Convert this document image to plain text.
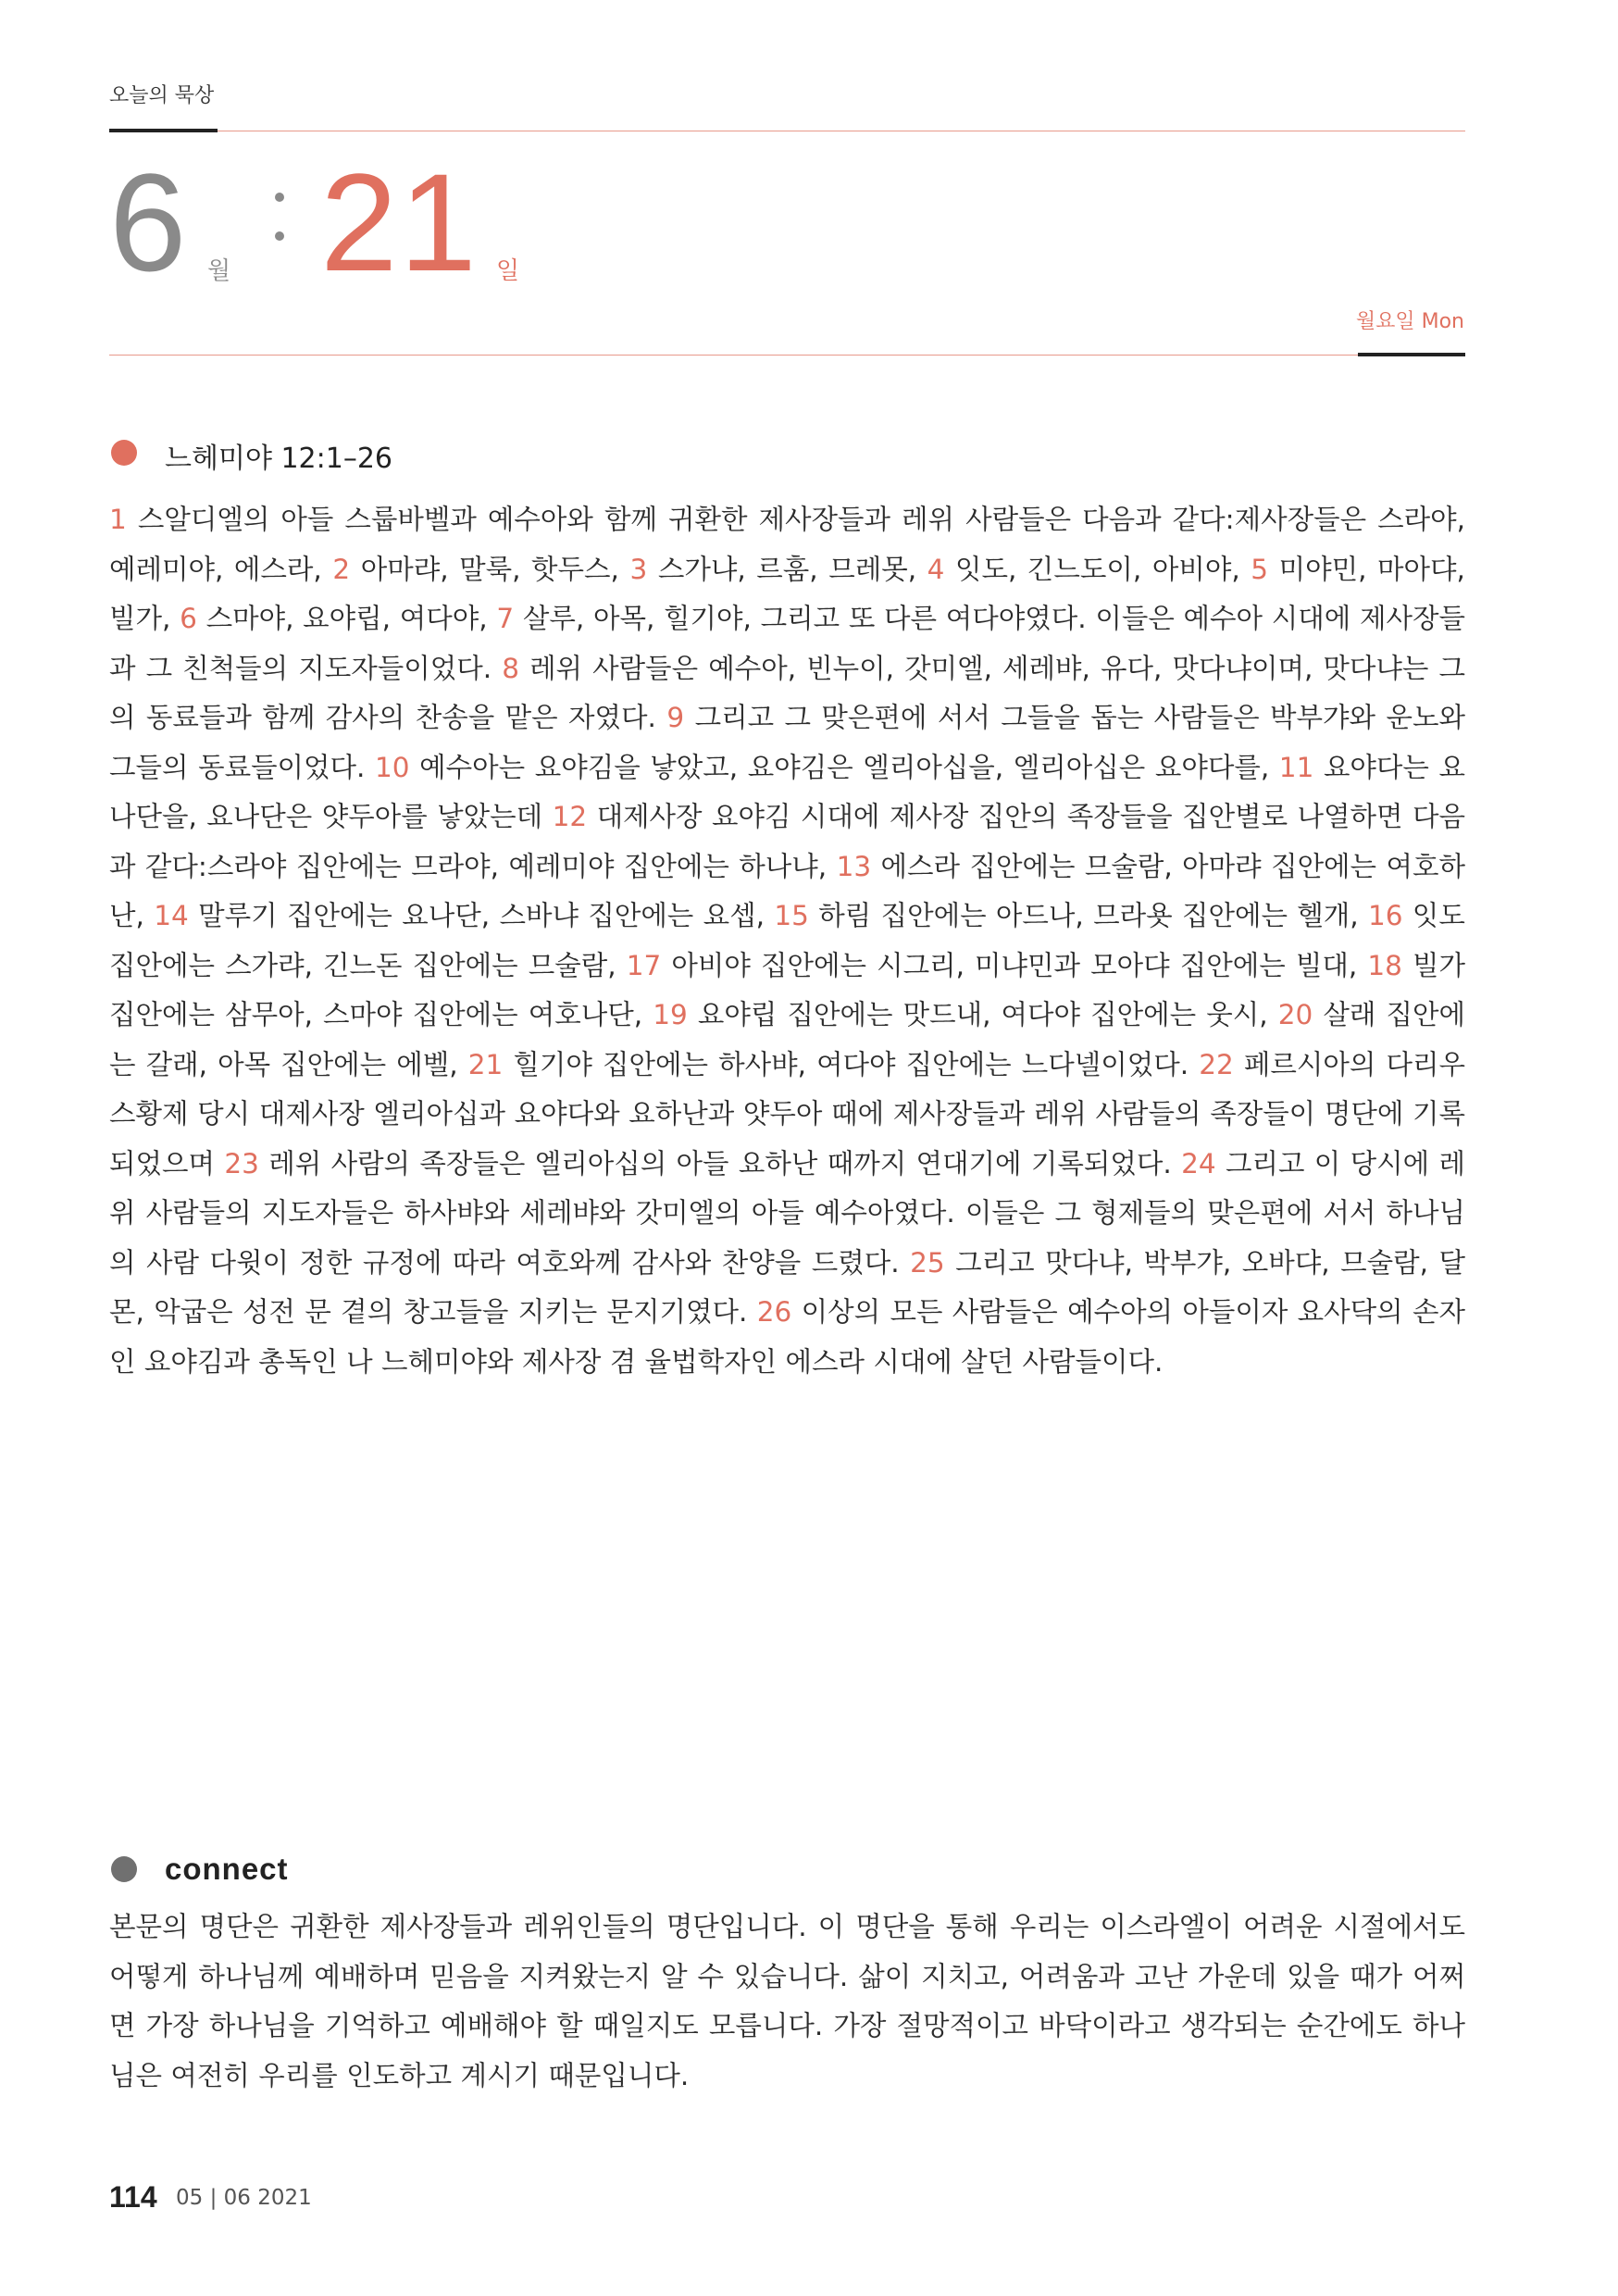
오늘의 묵상
6 월 21 일
월요일 Mon
느헤미야 12:1–26
1 스알디엘의 아들 스룹바벨과 예수아와 함께 귀환한 제사장들과 레위 사람들은 다음과 같다:제사장들은 스라야, 예레미야, 에스라, 2 아마랴, 말룩, 핫두스, 3 스가냐, 르훔, 므레못, 4 잇도, 긴느도이, 아비야, 5 미야민, 마아댜, 빌가, 6 스마야, 요야립, 여다야, 7 살루, 아목, 힐기야, 그리고 또 다른 여다야였다. 이들은 예수아 시대에 제사장들과 그 친척들의 지도자들이었다. 8 레위 사람들은 예수아, 빈누이, 갓미엘, 세레뱌, 유다, 맛다냐이며, 맛다냐는 그의 동료들과 함께 감사의 찬송을 맡은 자였다. 9 그리고 그 맞은편에 서서 그들을 돕는 사람들은 박부갸와 운노와 그들의 동료들이었다. 10 예수아는 요야김을 낳았고, 요야김은 엘리아십을, 엘리아십은 요야다를, 11 요야다는 요나단을, 요나단은 얏두아를 낳았는데 12 대제사장 요야김 시대에 제사장 집안의 족장들을 집안별로 나열하면 다음과 같다:스라야 집안에는 므라야, 예레미야 집안에는 하나냐, 13 에스라 집안에는 므술람, 아마랴 집안에는 여호하난, 14 말루기 집안에는 요나단, 스바냐 집안에는 요셉, 15 하림 집안에는 아드나, 므라욧 집안에는 헬개, 16 잇도 집안에는 스가랴, 긴느돈 집안에는 므술람, 17 아비야 집안에는 시그리, 미냐민과 모아댜 집안에는 빌대, 18 빌가 집안에는 삼무아, 스마야 집안에는 여호나단, 19 요야립 집안에는 맛드내, 여다야 집안에는 웃시, 20 살래 집안에는 갈래, 아목 집안에는 에벨, 21 힐기야 집안에는 하사뱌, 여다야 집안에는 느다넬이었다. 22 페르시아의 다리우스황제 당시 대제사장 엘리아십과 요야다와 요하난과 얏두아 때에 제사장들과 레위 사람들의 족장들이 명단에 기록되었으며 23 레위 사람의 족장들은 엘리아십의 아들 요하난 때까지 연대기에 기록되었다. 24 그리고 이 당시에 레위 사람들의 지도자들은 하사뱌와 세레뱌와 갓미엘의 아들 예수아였다. 이들은 그 형제들의 맞은편에 서서 하나님의 사람 다윗이 정한 규정에 따라 여호와께 감사와 찬양을 드렸다. 25 그리고 맛다냐, 박부갸, 오바댜, 므술람, 달몬, 악굽은 성전 문 곁의 창고들을 지키는 문지기였다. 26 이상의 모든 사람들은 예수아의 아들이자 요사닥의 손자인 요야김과 총독인 나 느헤미야와 제사장 겸 율법학자인 에스라 시대에 살던 사람들이다.
connect
본문의 명단은 귀환한 제사장들과 레위인들의 명단입니다. 이 명단을 통해 우리는 이스라엘이 어려운 시절에서도 어떻게 하나님께 예배하며 믿음을 지켜왔는지 알 수 있습니다. 삶이 지치고, 어려움과 고난 가운데 있을 때가 어쩌면 가장 하나님을 기억하고 예배해야 할 때일지도 모릅니다. 가장 절망적이고 바닥이라고 생각되는 순간에도 하나님은 여전히 우리를 인도하고 계시기 때문입니다.
114 05 | 06 2021
